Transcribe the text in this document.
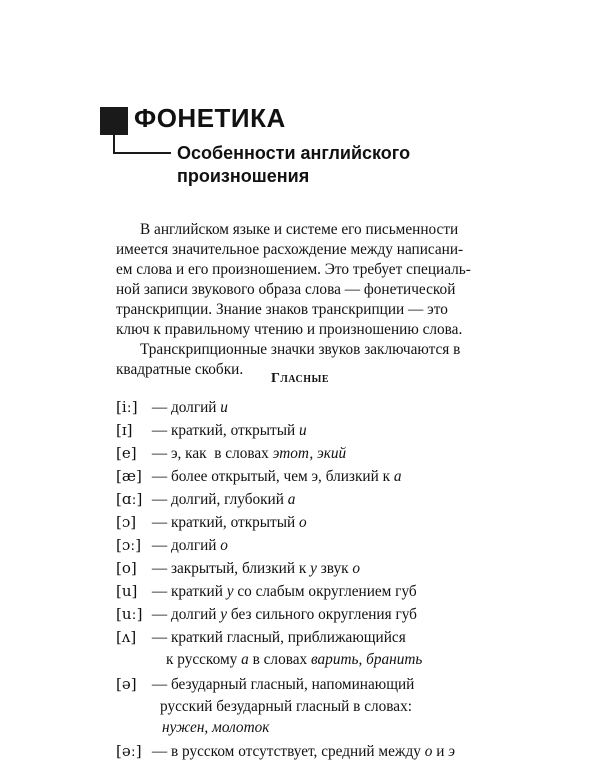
ФОНЕТИКА
Особенности английского
произношения
В английском языке и системе его письменности
имеется значительное расхождение между написани-
ем слова и его произношением. Это требует специаль-
ной записи звукового образа слова — фонетической
транскрипции. Знание знаков транскрипции — это
ключ к правильному чтению и произношению слова.
Транскрипционные значки звуков заключаются в
квадратные скобки.
Гласные
[iː] — долгий и
[ɪ] — краткий, открытый и
[e] — э, как  в словах этот, экий
[æ] — более открытый, чем э, близкий к а
[ɑː] — долгий, глубокий а
[ɔ] — краткий, открытый о
[ɔː] — долгий о
[o] — закрытый, близкий к у звук о
[u] — краткий у со слабым округлением губ
[uː] — долгий у без сильного округления губ
[ʌ] — краткий гласный, приближающийся
к русскому а в словах варить, бранить
[ə] — безударный гласный, напоминающий
русский безударный гласный в словах:
нужен, молоток
[əː] — в русском отсутствует, средний между о и э
